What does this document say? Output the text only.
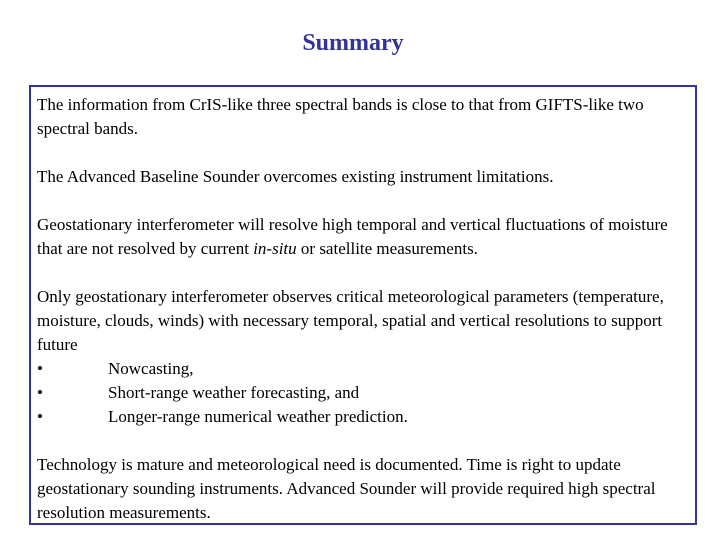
Summary

The information from CrIS-like three spectral bands is close to that from GIFTS-like two spectral bands.

The Advanced Baseline Sounder overcomes existing instrument limitations.

Geostationary interferometer will resolve high temporal and vertical fluctuations of moisture that are not resolved by current in-situ or satellite measurements.

Only geostationary interferometer observes critical meteorological parameters (temperature, moisture, clouds, winds) with necessary temporal, spatial and vertical resolutions to support future
•	Nowcasting,
•	Short-range weather forecasting, and
•	Longer-range numerical weather prediction.

Technology is mature and meteorological need is documented. Time is right to update geostationary sounding instruments. Advanced Sounder will provide required high spectral resolution measurements.
